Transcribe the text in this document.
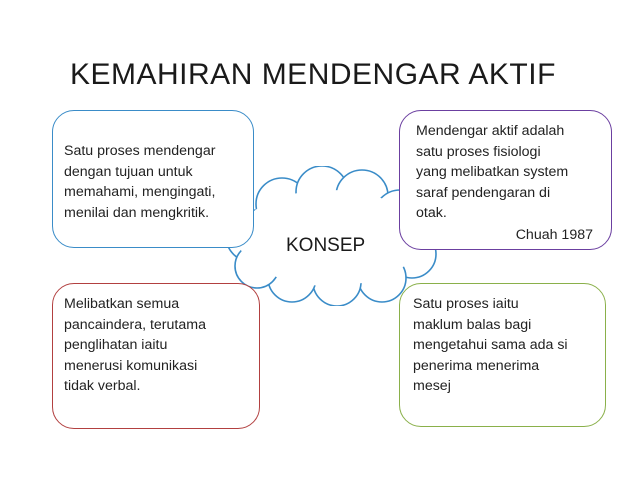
KEMAHIRAN MENDENGAR AKTIF
KONSEP
Satu proses mendengar
dengan tujuan untuk
memahami, mengingati,
menilai dan mengkritik.
Mendengar aktif adalah
satu proses fisiologi
yang melibatkan system
saraf pendengaran di
otak.
Chuah 1987
Melibatkan semua
pancaindera, terutama
penglihatan iaitu
menerusi komunikasi
tidak verbal.
Satu proses iaitu
maklum balas bagi
mengetahui sama ada si
penerima menerima
mesej
